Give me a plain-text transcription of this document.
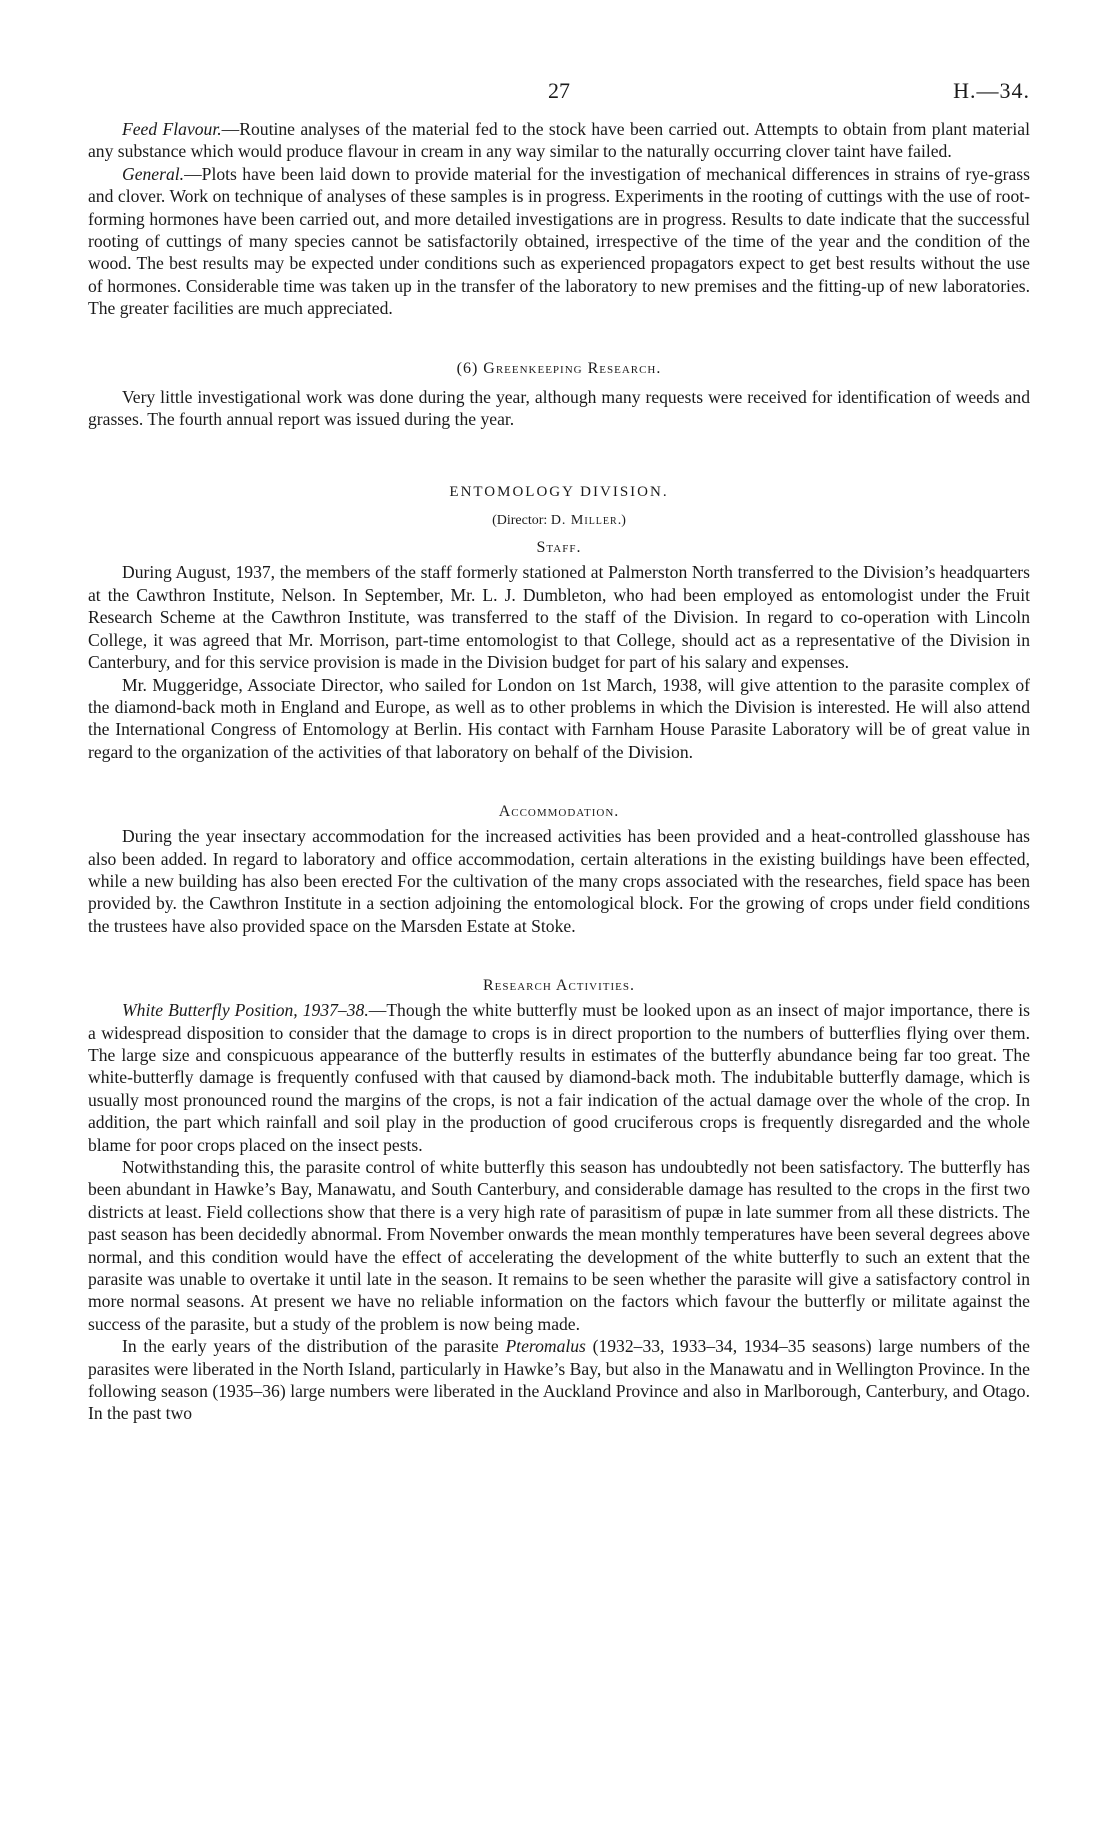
27	H.—34.

Feed Flavour.—Routine analyses of the material fed to the stock have been carried out. Attempts to obtain from plant material any substance which would produce flavour in cream in any way similar to the naturally occurring clover taint have failed.

General.—Plots have been laid down to provide material for the investigation of mechanical differences in strains of rye-grass and clover. Work on technique of analyses of these samples is in progress. Experiments in the rooting of cuttings with the use of root-forming hormones have been carried out, and more detailed investigations are in progress. Results to date indicate that the successful rooting of cuttings of many species cannot be satisfactorily obtained, irrespective of the time of the year and the condition of the wood. The best results may be expected under conditions such as experienced propagators expect to get best results without the use of hormones. Considerable time was taken up in the transfer of the laboratory to new premises and the fitting-up of new laboratories. The greater facilities are much appreciated.

(6) Greenkeeping Research.

Very little investigational work was done during the year, although many requests were received for identification of weeds and grasses. The fourth annual report was issued during the year.

ENTOMOLOGY DIVISION.
(Director: D. Miller.)
Staff.

During August, 1937, the members of the staff formerly stationed at Palmerston North transferred to the Division’s headquarters at the Cawthron Institute, Nelson. In September, Mr. L. J. Dumbleton, who had been employed as entomologist under the Fruit Research Scheme at the Cawthron Institute, was transferred to the staff of the Division. In regard to co-operation with Lincoln College, it was agreed that Mr. Morrison, part-time entomologist to that College, should act as a representative of the Division in Canterbury, and for this service provision is made in the Division budget for part of his salary and expenses.

Mr. Muggeridge, Associate Director, who sailed for London on 1st March, 1938, will give attention to the parasite complex of the diamond-back moth in England and Europe, as well as to other problems in which the Division is interested. He will also attend the International Congress of Entomology at Berlin. His contact with Farnham House Parasite Laboratory will be of great value in regard to the organization of the activities of that laboratory on behalf of the Division.

Accommodation.

During the year insectary accommodation for the increased activities has been provided and a heat-controlled glasshouse has also been added. In regard to laboratory and office accommodation, certain alterations in the existing buildings have been effected, while a new building has also been erected For the cultivation of the many crops associated with the researches, field space has been provided by. the Cawthron Institute in a section adjoining the entomological block. For the growing of crops under field conditions the trustees have also provided space on the Marsden Estate at Stoke.

Research Activities.

White Butterfly Position, 1937–38.—Though the white butterfly must be looked upon as an insect of major importance, there is a widespread disposition to consider that the damage to crops is in direct proportion to the numbers of butterflies flying over them. The large size and conspicuous appearance of the butterfly results in estimates of the butterfly abundance being far too great. The white-butterfly damage is frequently confused with that caused by diamond-back moth. The indubitable butterfly damage, which is usually most pronounced round the margins of the crops, is not a fair indication of the actual damage over the whole of the crop. In addition, the part which rainfall and soil play in the production of good cruciferous crops is frequently disregarded and the whole blame for poor crops placed on the insect pests.

Notwithstanding this, the parasite control of white butterfly this season has undoubtedly not been satisfactory. The butterfly has been abundant in Hawke’s Bay, Manawatu, and South Canterbury, and considerable damage has resulted to the crops in the first two districts at least. Field collections show that there is a very high rate of parasitism of pupæ in late summer from all these districts. The past season has been decidedly abnormal. From November onwards the mean monthly temperatures have been several degrees above normal, and this condition would have the effect of accelerating the development of the white butterfly to such an extent that the parasite was unable to overtake it until late in the season. It remains to be seen whether the parasite will give a satisfactory control in more normal seasons. At present we have no reliable information on the factors which favour the butterfly or militate against the success of the parasite, but a study of the problem is now being made.

In the early years of the distribution of the parasite Pteromalus (1932–33, 1933–34, 1934–35 seasons) large numbers of the parasites were liberated in the North Island, particularly in Hawke’s Bay, but also in the Manawatu and in Wellington Province. In the following season (1935–36) large numbers were liberated in the Auckland Province and also in Marlborough, Canterbury, and Otago. In the past two
